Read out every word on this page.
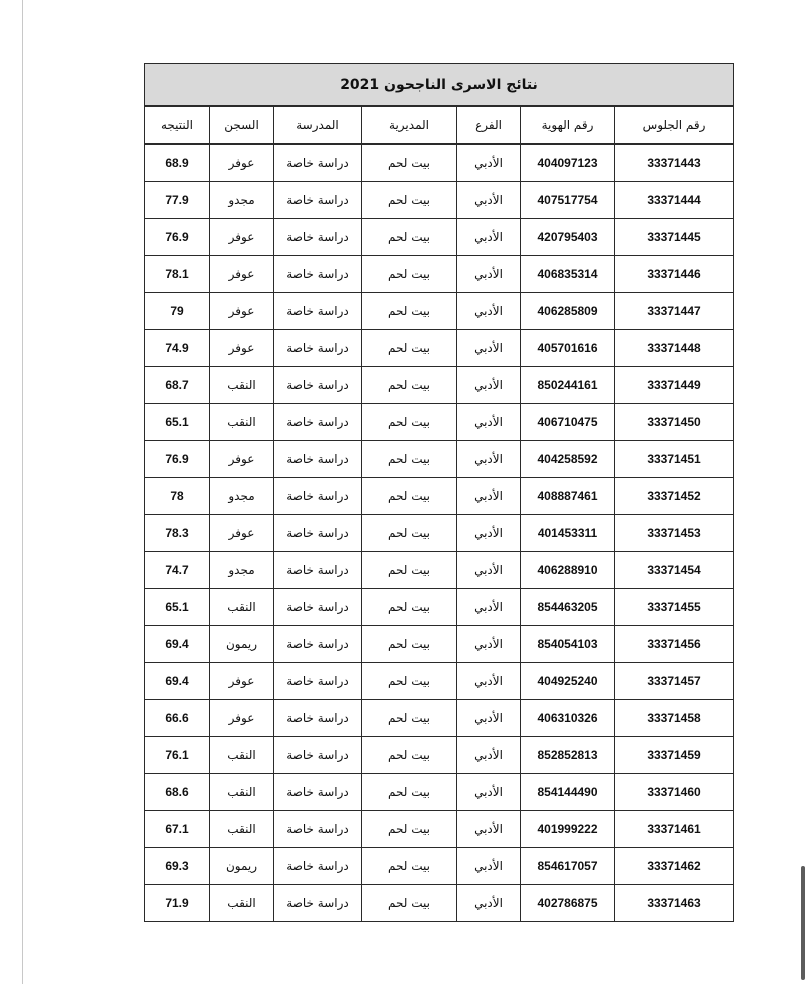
نتائج الاسرى الناجحون 2021						
رقم الجلوس	رقم الهوية	الفرع	المديرية	المدرسة	السجن	النتيجه
33371443	404097123	الأدبي	بيت لحم	دراسة خاصة	عوفر	68.9
33371444	407517754	الأدبي	بيت لحم	دراسة خاصة	مجدو	77.9
33371445	420795403	الأدبي	بيت لحم	دراسة خاصة	عوفر	76.9
33371446	406835314	الأدبي	بيت لحم	دراسة خاصة	عوفر	78.1
33371447	406285809	الأدبي	بيت لحم	دراسة خاصة	عوفر	79
33371448	405701616	الأدبي	بيت لحم	دراسة خاصة	عوفر	74.9
33371449	850244161	الأدبي	بيت لحم	دراسة خاصة	النقب	68.7
33371450	406710475	الأدبي	بيت لحم	دراسة خاصة	النقب	65.1
33371451	404258592	الأدبي	بيت لحم	دراسة خاصة	عوفر	76.9
33371452	408887461	الأدبي	بيت لحم	دراسة خاصة	مجدو	78
33371453	401453311	الأدبي	بيت لحم	دراسة خاصة	عوفر	78.3
33371454	406288910	الأدبي	بيت لحم	دراسة خاصة	مجدو	74.7
33371455	854463205	الأدبي	بيت لحم	دراسة خاصة	النقب	65.1
33371456	854054103	الأدبي	بيت لحم	دراسة خاصة	ريمون	69.4
33371457	404925240	الأدبي	بيت لحم	دراسة خاصة	عوفر	69.4
33371458	406310326	الأدبي	بيت لحم	دراسة خاصة	عوفر	66.6
33371459	852852813	الأدبي	بيت لحم	دراسة خاصة	النقب	76.1
33371460	854144490	الأدبي	بيت لحم	دراسة خاصة	النقب	68.6
33371461	401999222	الأدبي	بيت لحم	دراسة خاصة	النقب	67.1
33371462	854617057	الأدبي	بيت لحم	دراسة خاصة	ريمون	69.3
33371463	402786875	الأدبي	بيت لحم	دراسة خاصة	النقب	71.9
